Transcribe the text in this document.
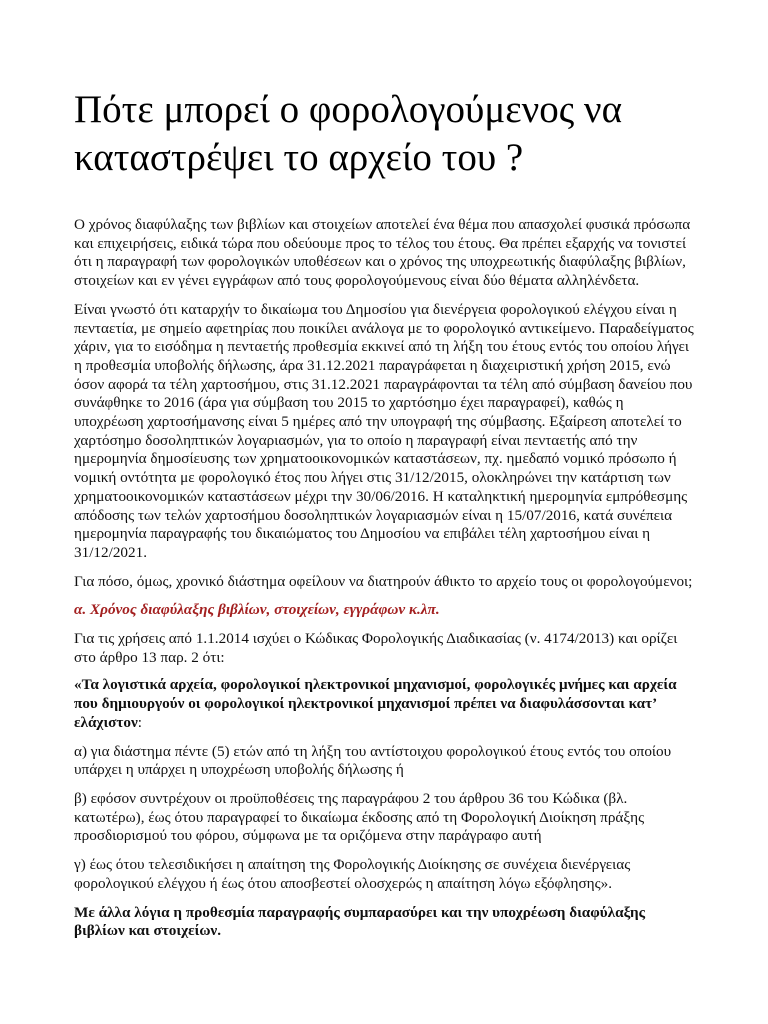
Πότε μπορεί ο φορολογούμενος να καταστρέψει το αρχείο του ?

Ο χρόνος διαφύλαξης των βιβλίων και στοιχείων αποτελεί ένα θέμα που απασχολεί φυσικά πρόσωπα και επιχειρήσεις, ειδικά τώρα που οδεύουμε προς το τέλος του έτους. Θα πρέπει εξαρχής να τονιστεί ότι η παραγραφή των φορολογικών υποθέσεων και ο χρόνος της υποχρεωτικής διαφύλαξης βιβλίων, στοιχείων και εν γένει εγγράφων από τους φορολογούμενους είναι δύο θέματα αλληλένδετα.

Είναι γνωστό ότι καταρχήν το δικαίωμα του Δημοσίου για διενέργεια φορολογικού ελέγχου είναι η πενταετία, με σημείο αφετηρίας που ποικίλει ανάλογα με το φορολογικό αντικείμενο. Παραδείγματος χάριν, για το εισόδημα η πενταετής προθεσμία εκκινεί από τη λήξη του έτους εντός του οποίου λήγει η προθεσμία υποβολής δήλωσης, άρα 31.12.2021 παραγράφεται η διαχειριστική χρήση 2015, ενώ όσον αφορά τα τέλη χαρτοσήμου, στις 31.12.2021 παραγράφονται τα τέλη από σύμβαση δανείου που συνάφθηκε το 2016 (άρα για σύμβαση του 2015 το χαρτόσημο έχει παραγραφεί), καθώς η υποχρέωση χαρτοσήμανσης είναι 5 ημέρες από την υπογραφή της σύμβασης. Εξαίρεση αποτελεί το χαρτόσημο δοσοληπτικών λογαριασμών, για το οποίο η παραγραφή είναι πενταετής από την ημερομηνία δημοσίευσης των χρηματοοικονομικών καταστάσεων, πχ. ημεδαπό νομικό πρόσωπο ή νομική οντότητα με φορολογικό έτος που λήγει στις 31/12/2015, ολοκληρώνει την κατάρτιση των χρηματοοικονομικών καταστάσεων μέχρι την 30/06/2016. Η καταληκτική ημερομηνία εμπρόθεσμης απόδοσης των τελών χαρτοσήμου δοσοληπτικών λογαριασμών είναι η 15/07/2016, κατά συνέπεια ημερομηνία παραγραφής του δικαιώματος του Δημοσίου να επιβάλει τέλη χαρτοσήμου είναι η 31/12/2021.

Για πόσο, όμως, χρονικό διάστημα οφείλουν να διατηρούν άθικτο το αρχείο τους οι φορολογούμενοι;

α. Χρόνος διαφύλαξης βιβλίων, στοιχείων, εγγράφων κ.λπ.

Για τις χρήσεις από 1.1.2014 ισχύει ο Κώδικας Φορολογικής Διαδικασίας (ν. 4174/2013) και ορίζει στο άρθρο 13 παρ. 2 ότι:

«Τα λογιστικά αρχεία, φορολογικοί ηλεκτρονικοί μηχανισμοί, φορολογικές μνήμες και αρχεία που δημιουργούν οι φορολογικοί ηλεκτρονικοί μηχανισμοί πρέπει να διαφυλάσσονται κατ’ ελάχιστον:

α) για διάστημα πέντε (5) ετών από τη λήξη του αντίστοιχου φορολογικού έτους εντός του οποίου υπάρχει η υπάρχει η υποχρέωση υποβολής δήλωσης ή

β) εφόσον συντρέχουν οι προϋποθέσεις της παραγράφου 2 του άρθρου 36 του Κώδικα (βλ. κατωτέρω), έως ότου παραγραφεί το δικαίωμα έκδοσης από τη Φορολογική Διοίκηση πράξης προσδιορισμού του φόρου, σύμφωνα με τα οριζόμενα στην παράγραφο αυτή

γ) έως ότου τελεσιδικήσει η απαίτηση της Φορολογικής Διοίκησης σε συνέχεια διενέργειας φορολογικού ελέγχου ή έως ότου αποσβεστεί ολοσχερώς η απαίτηση λόγω εξόφλησης».

Με άλλα λόγια η προθεσμία παραγραφής συμπαρασύρει και την υποχρέωση διαφύλαξης βιβλίων και στοιχείων.
